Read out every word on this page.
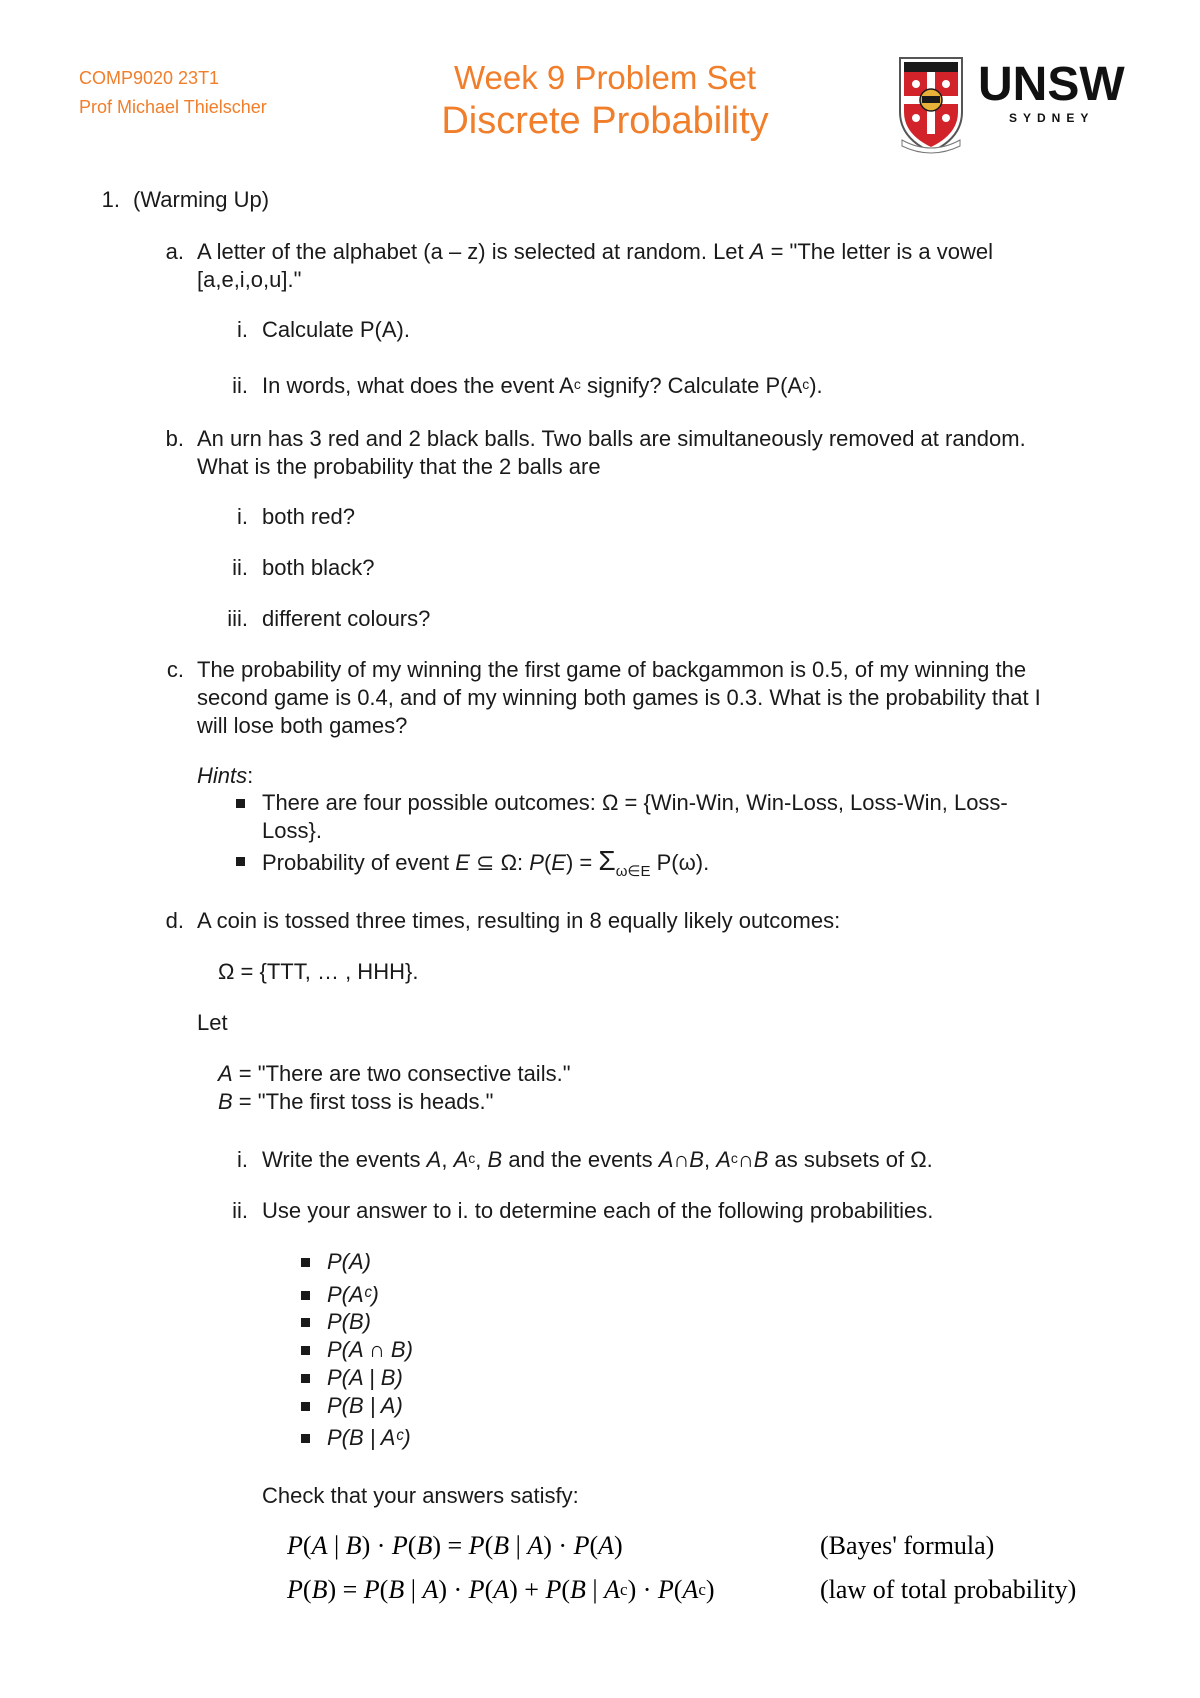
COMP9020 23T1
Prof Michael Thielscher
Week 9 Problem Set
Discrete Probability
UNSW
SYDNEY
1. (Warming Up)
a. A letter of the alphabet (a – z) is selected at random. Let A = "The letter is a vowel
[a,e,i,o,u]."
i. Calculate P(A).
ii. In words, what does the event $A^c$ signify? Calculate $P(A^c)$.
b. An urn has 3 red and 2 black balls. Two balls are simultaneously removed at random.
What is the probability that the 2 balls are
i. both red?
ii. both black?
iii. different colours?
c. The probability of my winning the first game of backgammon is 0.5, of my winning the
second game is 0.4, and of my winning both games is 0.3. What is the probability that I
will lose both games?
Hints:
There are four possible outcomes: Ω = {Win-Win, Win-Loss, Loss-Win, Loss-
Loss}.
Probability of event E ⊆ Ω: $P(E) = \Sigma_{\omega\in E}$ P(ω).
d. A coin is tossed three times, resulting in 8 equally likely outcomes:
Ω = {TTT, … , HHH}.
Let
A = "There are two consective tails."
B = "The first toss is heads."
i. Write the events A, $A^c$, B and the events A∩B, $A^c\cap B$ as subsets of Ω.
ii. Use your answer to i. to determine each of the following probabilities.
P(A)
P(Aᶜ)
P(B)
P(A ∩ B)
P(A | B)
P(B | A)
P(B | Aᶜ)
Check that your answers satisfy:
P(A | B) · P(B) = P(B | A) · P(A)	(Bayes' formula)
P(B) = P(B | A) · P(A) + P(B | $A^c) \cdot P(A^c)$	(law of total probability)
